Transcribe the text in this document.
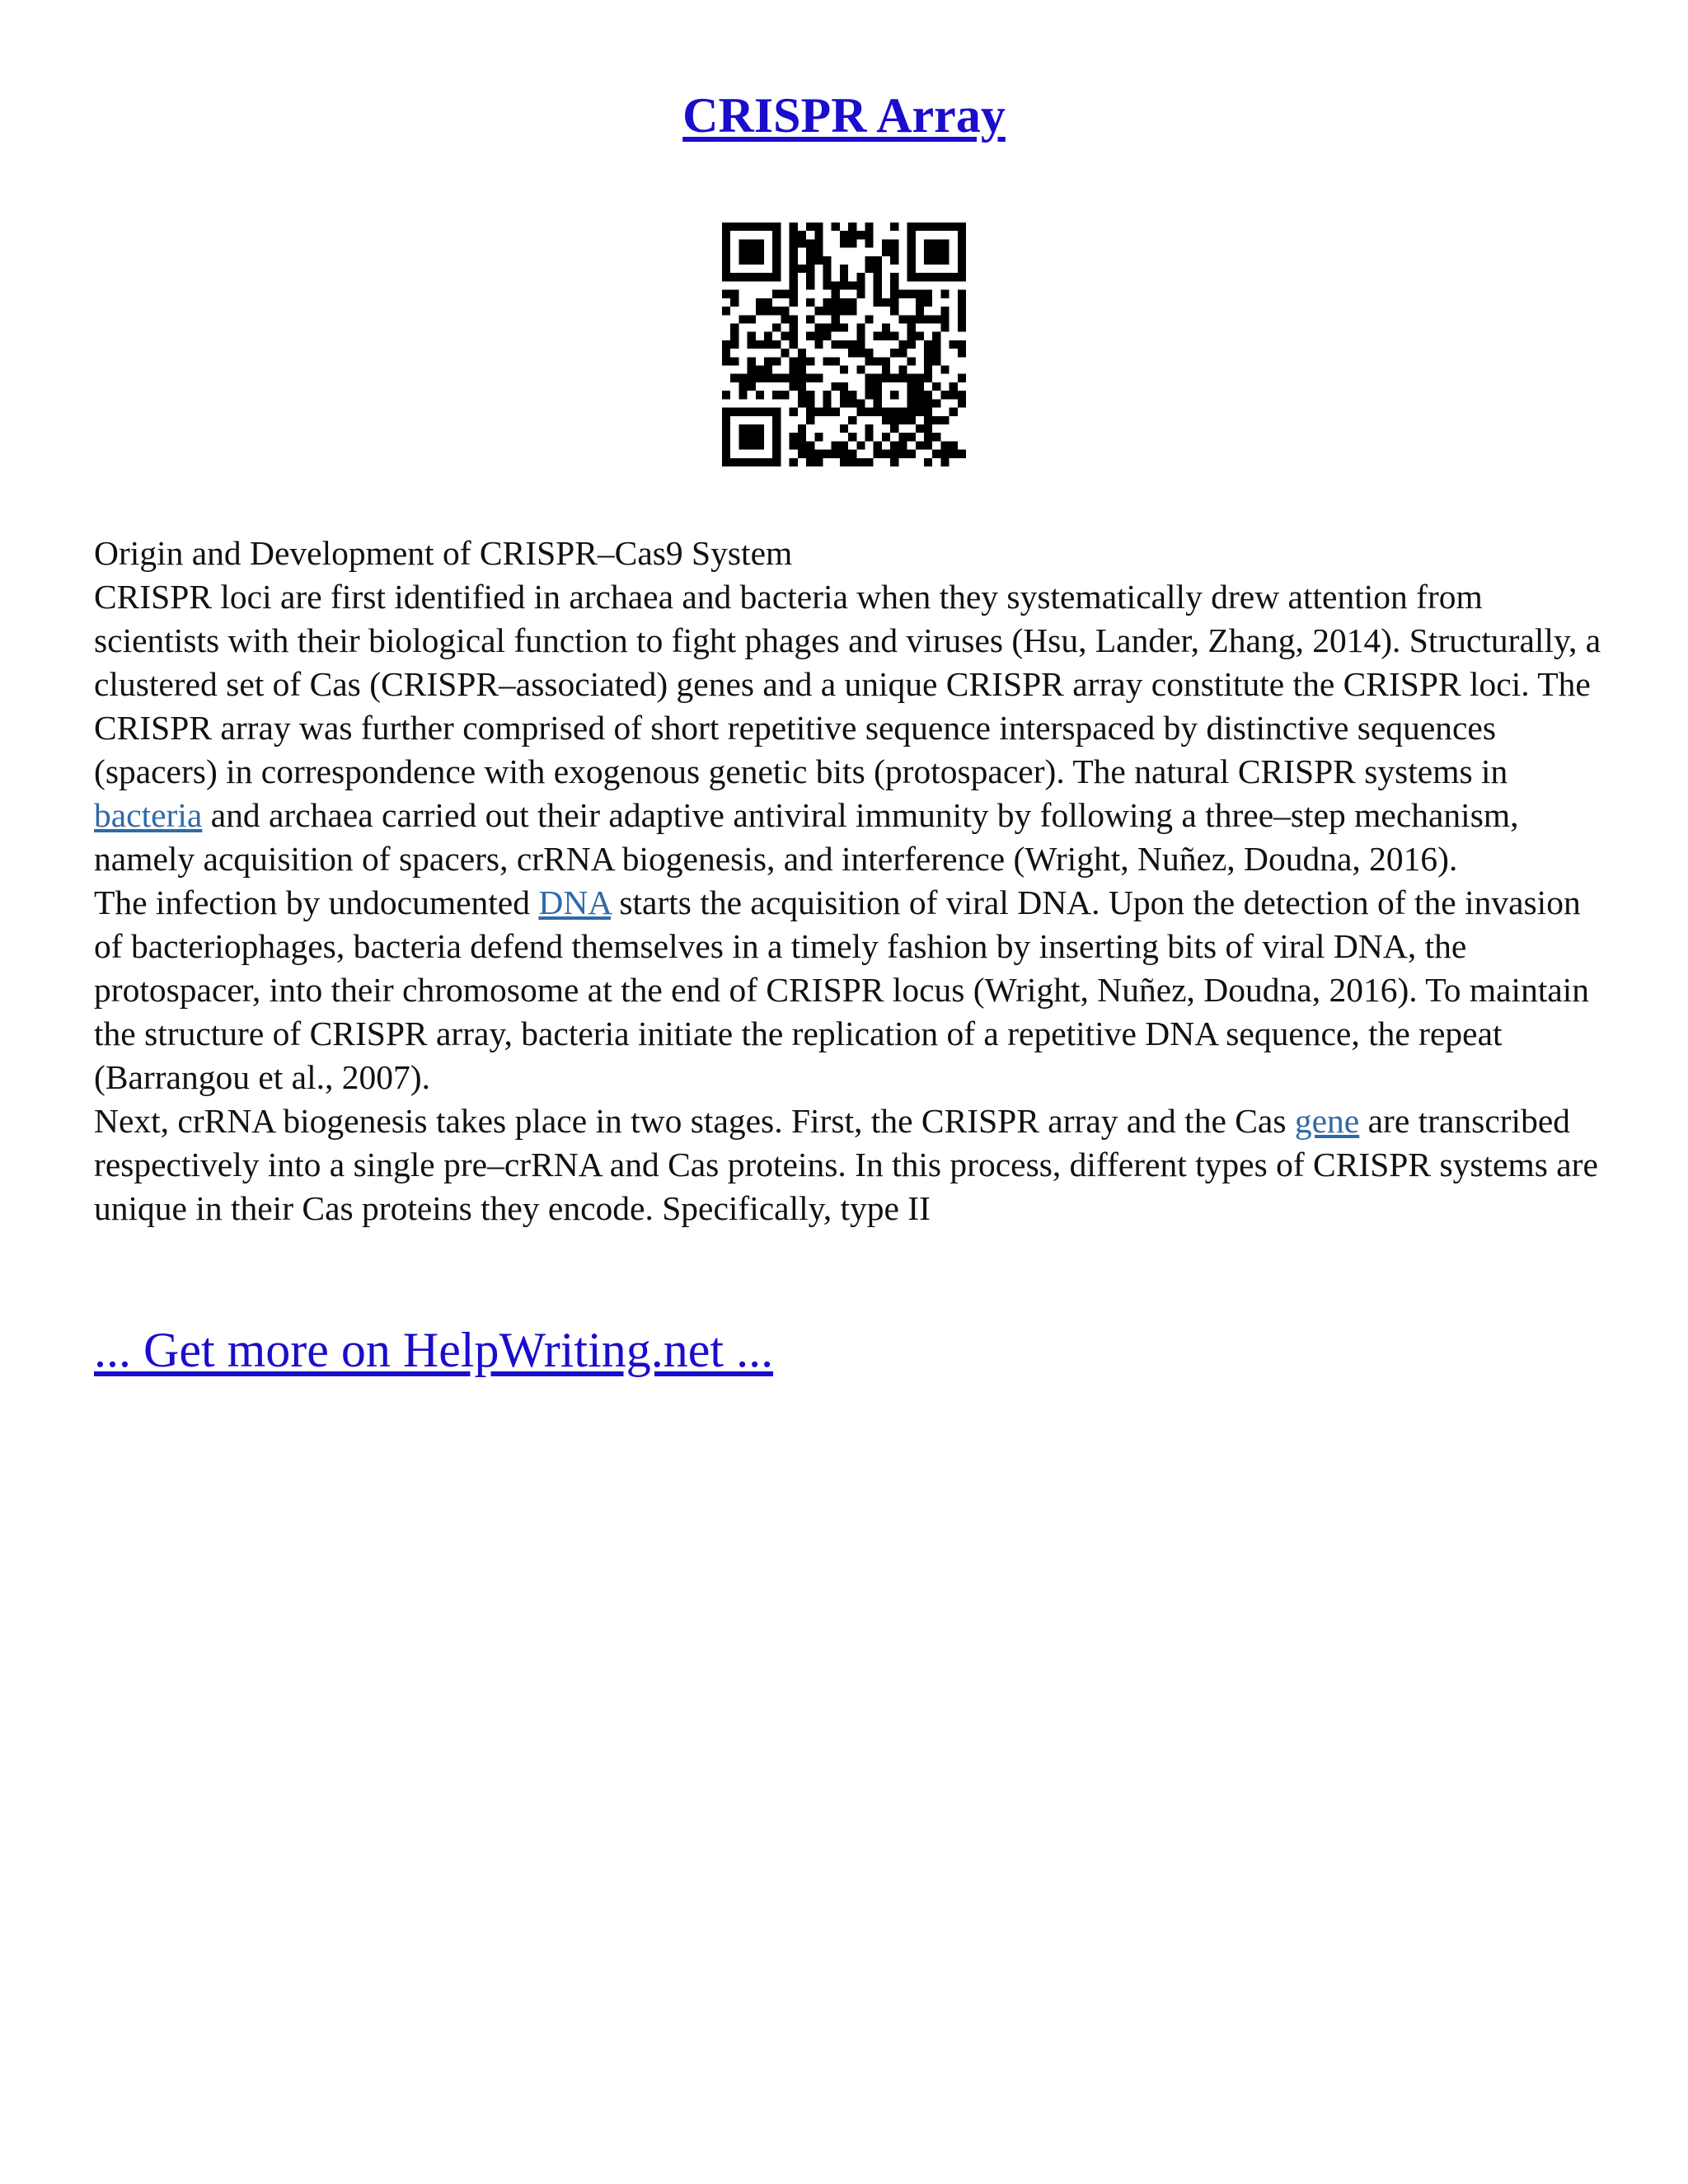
CRISPR Array

Origin and Development of CRISPR–Cas9 System

CRISPR loci are first identified in archaea and bacteria when they systematically drew attention from scientists with their biological function to fight phages and viruses (Hsu, Lander, Zhang, 2014). Structurally, a clustered set of Cas (CRISPR–associated) genes and a unique CRISPR array constitute the CRISPR loci. The CRISPR array was further comprised of short repetitive sequence interspaced by distinctive sequences (spacers) in correspondence with exogenous genetic bits (protospacer). The natural CRISPR systems in bacteria and archaea carried out their adaptive antiviral immunity by following a three–step mechanism, namely acquisition of spacers, crRNA biogenesis, and interference (Wright, Nuñez, Doudna, 2016).

The infection by undocumented DNA starts the acquisition of viral DNA. Upon the detection of the invasion of bacteriophages, bacteria defend themselves in a timely fashion by inserting bits of viral DNA, the protospacer, into their chromosome at the end of CRISPR locus (Wright, Nuñez, Doudna, 2016). To maintain the structure of CRISPR array, bacteria initiate the replication of a repetitive DNA sequence, the repeat (Barrangou et al., 2007).

Next, crRNA biogenesis takes place in two stages. First, the CRISPR array and the Cas gene are transcribed respectively into a single pre–crRNA and Cas proteins. In this process, different types of CRISPR systems are unique in their Cas proteins they encode. Specifically, type II

... Get more on HelpWriting.net ...
